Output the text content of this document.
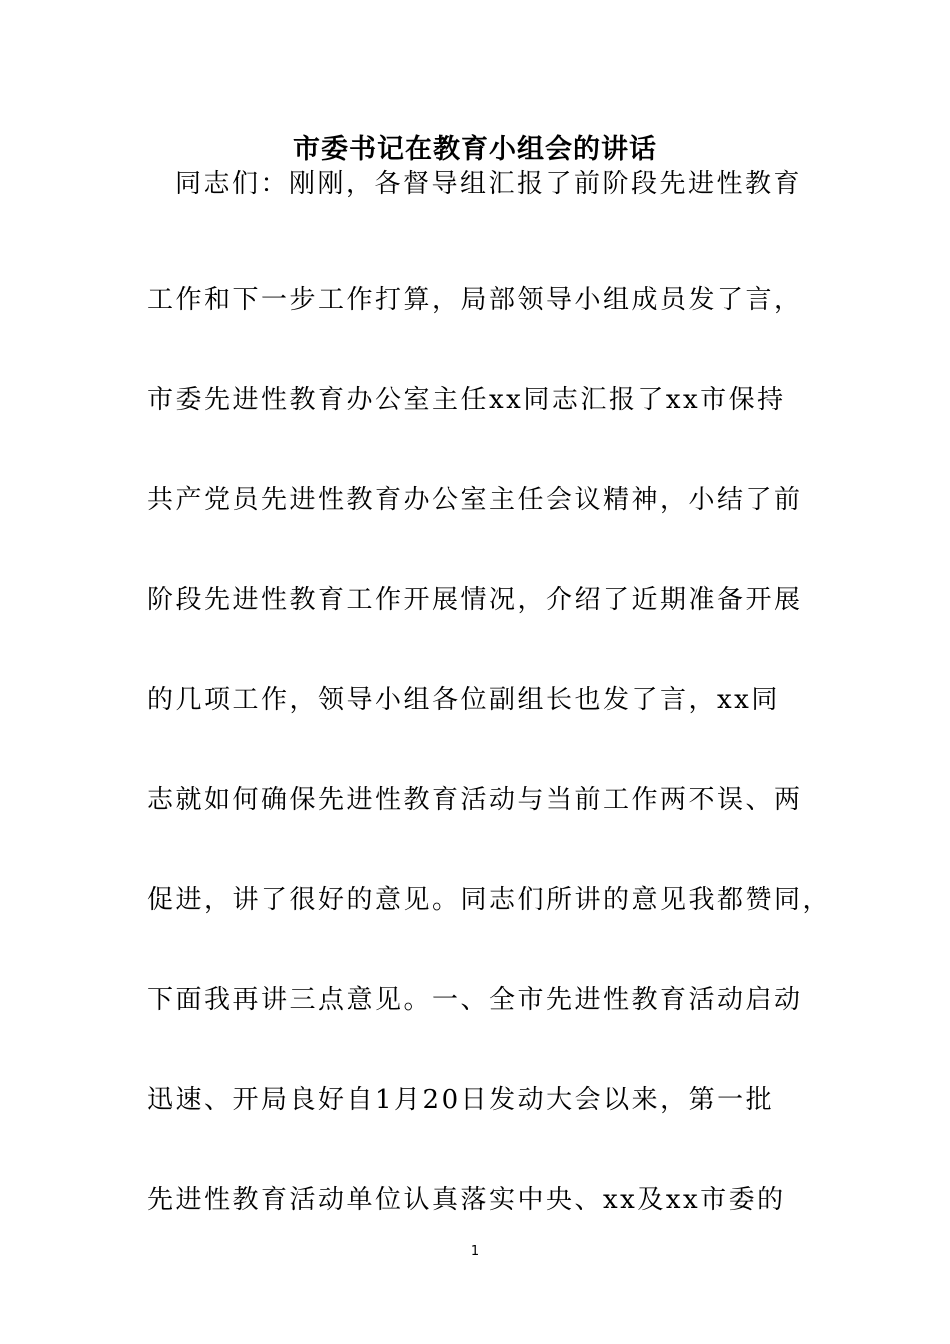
市委书记在教育小组会的讲话
同志们：刚刚，各督导组汇报了前阶段先进性教育
工作和下一步工作打算，局部领导小组成员发了言，
市委先进性教育办公室主任xx同志汇报了xx市保持
共产党员先进性教育办公室主任会议精神，小结了前
阶段先进性教育工作开展情况，介绍了近期准备开展
的几项工作，领导小组各位副组长也发了言，xx同
志就如何确保先进性教育活动与当前工作两不误、两
促进，讲了很好的意见。同志们所讲的意见我都赞同，
下面我再讲三点意见。一、全市先进性教育活动启动
迅速、开局良好自1月20日发动大会以来，第一批
先进性教育活动单位认真落实中央、xx及xx市委的
1
